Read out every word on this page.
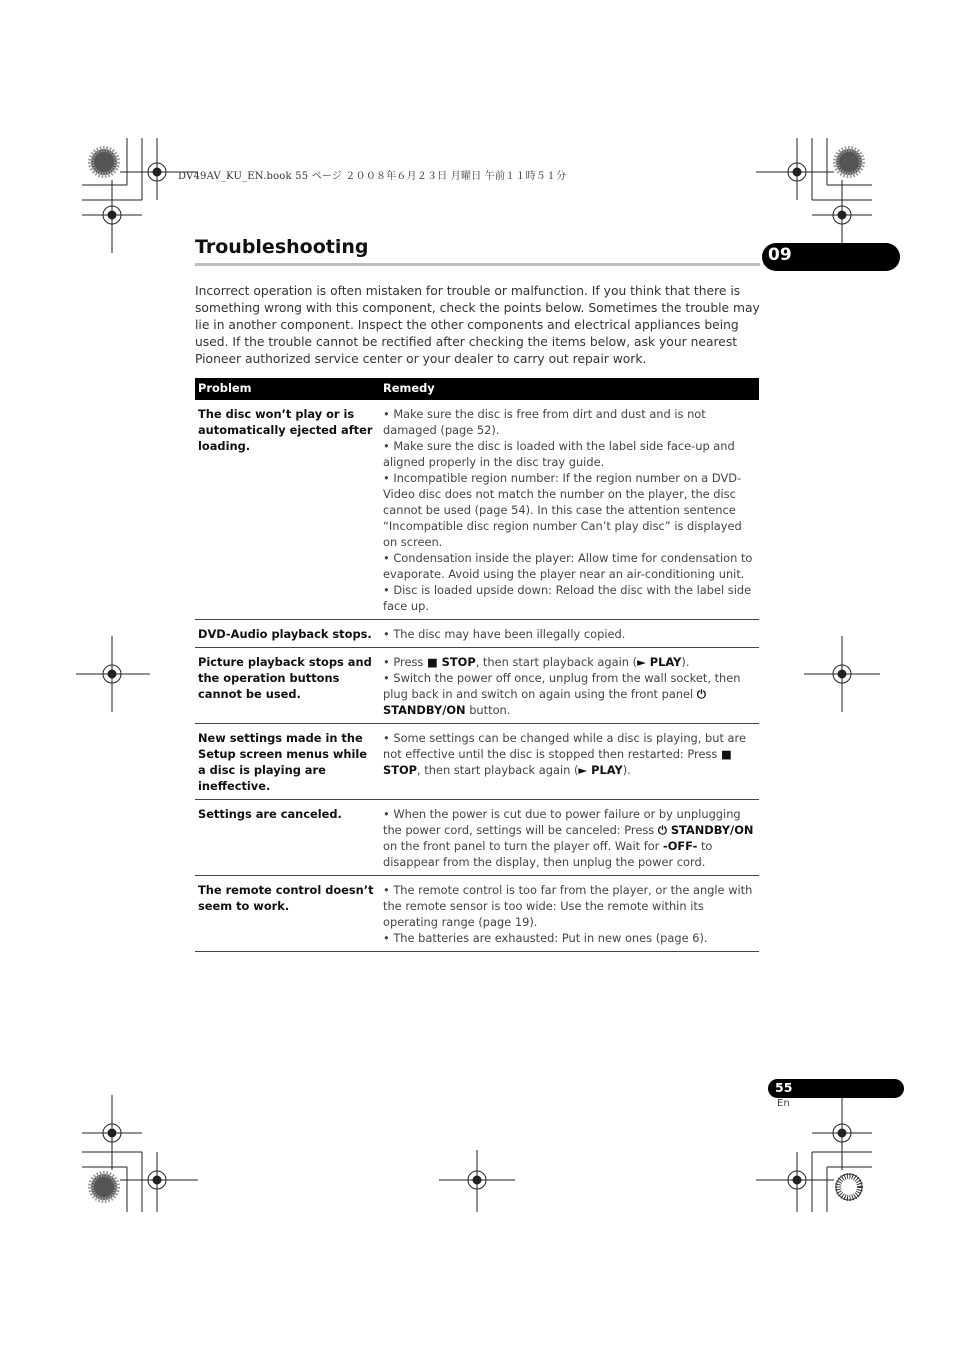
DV49AV_KU_EN.book 55 ページ ２００８年６月２３日 月曜日 午前１１時５１分
Troubleshooting	09
Incorrect operation is often mistaken for trouble or malfunction. If you think that there is something wrong with this component, check the points below. Sometimes the trouble may lie in another component. Inspect the other components and electrical appliances being used. If the trouble cannot be rectified after checking the items below, ask your nearest Pioneer authorized service center or your dealer to carry out repair work.
Problem	Remedy
The disc won’t play or is automatically ejected after loading.	• Make sure the disc is free from dirt and dust and is not damaged (page 52).
• Make sure the disc is loaded with the label side face-up and aligned properly in the disc tray guide.
• Incompatible region number: If the region number on a DVD-Video disc does not match the number on the player, the disc cannot be used (page 54). In this case the attention sentence “Incompatible disc region number Can’t play disc” is displayed on screen.
• Condensation inside the player: Allow time for condensation to evaporate. Avoid using the player near an air-conditioning unit.
• Disc is loaded upside down: Reload the disc with the label side face up.

DVD-Audio playback stops.	• The disc may have been illegally copied.

Picture playback stops and the operation buttons cannot be used.	• Press ■ STOP, then start playback again (► PLAY).
• Switch the power off once, unplug from the wall socket, then plug back in and switch on again using the front panel ⏻ STANDBY/ON button.

New settings made in the Setup screen menus while a disc is playing are ineffective.	• Some settings can be changed while a disc is playing, but are not effective until the disc is stopped then restarted: Press ■ STOP, then start playback again (► PLAY).

Settings are canceled.	• When the power is cut due to power failure or by unplugging the power cord, settings will be canceled: Press ⏻ STANDBY/ON on the front panel to turn the player off. Wait for -OFF- to disappear from the display, then unplug the power cord.

The remote control doesn’t seem to work.	• The remote control is too far from the player, or the angle with the remote sensor is too wide: Use the remote within its operating range (page 19).
• The batteries are exhausted: Put in new ones (page 6).
55
En
